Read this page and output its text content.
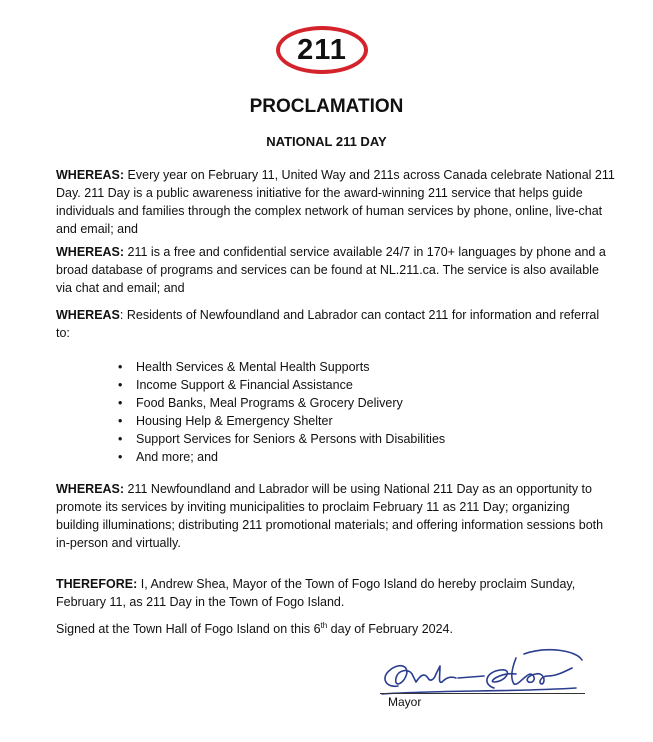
211
PROCLAMATION
NATIONAL 211 DAY

WHEREAS: Every year on February 11, United Way and 211s across Canada celebrate National 211 Day. 211 Day is a public awareness initiative for the award-winning 211 service that helps guide individuals and families through the complex network of human services by phone, online, live-chat and email; and

WHEREAS: 211 is a free and confidential service available 24/7 in 170+ languages by phone and a broad database of programs and services can be found at NL.211.ca. The service is also available via chat and email; and

WHEREAS: Residents of Newfoundland and Labrador can contact 211 for information and referral to:

• Health Services & Mental Health Supports
• Income Support & Financial Assistance
• Food Banks, Meal Programs & Grocery Delivery
• Housing Help & Emergency Shelter
• Support Services for Seniors & Persons with Disabilities
• And more; and

WHEREAS: 211 Newfoundland and Labrador will be using National 211 Day as an opportunity to promote its services by inviting municipalities to proclaim February 11 as 211 Day; organizing building illuminations; distributing 211 promotional materials; and offering information sessions both in-person and virtually.

THEREFORE: I, Andrew Shea, Mayor of the Town of Fogo Island do hereby proclaim Sunday, February 11, as 211 Day in the Town of Fogo Island.

Signed at the Town Hall of Fogo Island on this 6th day of February 2024.

Mayor
